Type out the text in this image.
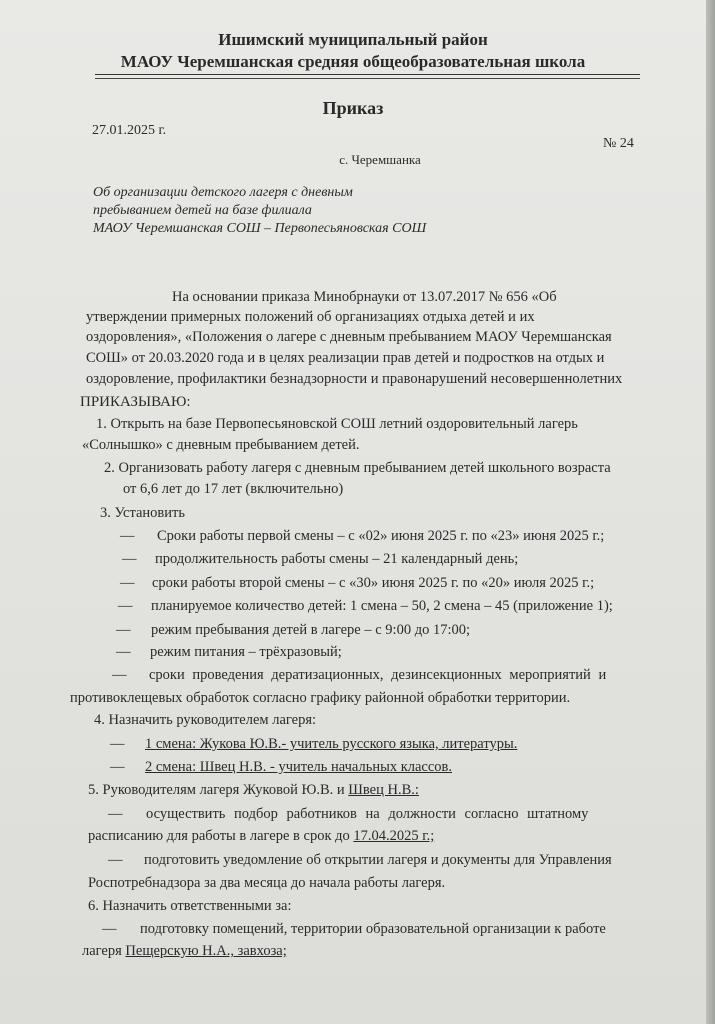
Ишимский муниципальный район
МАОУ Черемшанская средняя общеобразовательная школа
Приказ
27.01.2025 г.
№ 24
с. Черемшанка
Об организации детского лагеря с дневным
пребыванием детей на базе филиала
МАОУ Черемшанская СОШ – Первопесьяновская СОШ
На основании приказа Минобрнауки от 13.07.2017 № 656 «Об
утверждении примерных положений об организациях отдыха детей и их
оздоровления», «Положения о лагере с дневным пребыванием МАОУ Черемшанская
СОШ» от 20.03.2020 года и в целях реализации прав детей и подростков на отдых и
оздоровление, профилактики безнадзорности и правонарушений несовершеннолетних
ПРИКАЗЫВАЮ:
1. Открыть на базе Первопесьяновской СОШ летний оздоровительный лагерь
«Солнышко» с дневным пребыванием детей.
2. Организовать работу лагеря с дневным пребыванием детей школьного возраста
от 6,6 лет до 17 лет (включительно)
3. Установить
— Сроки работы первой смены – с «02» июня 2025 г. по «23» июня 2025 г.;
— продолжительность работы смены – 21 календарный день;
— сроки работы второй смены – с «30» июня 2025 г. по «20» июля 2025 г.;
— планируемое количество детей: 1 смена – 50, 2 смена – 45 (приложение 1);
— режим пребывания детей в лагере – с 9:00 до 17:00;
— режим питания – трёхразовый;
— сроки проведения дератизационных, дезинсекционных мероприятий и
противоклещевых обработок согласно графику районной обработки территории.
4. Назначить руководителем лагеря:
— 1 смена: Жукова Ю.В.- учитель русского языка, литературы.
— 2 смена: Швец Н.В. - учитель начальных классов.
5. Руководителям лагеря Жуковой Ю.В. и Швец Н.В.:
— осуществить подбор работников на должности согласно штатному
расписанию для работы в лагере в срок до 17.04.2025 г.;
— подготовить уведомление об открытии лагеря и документы для Управления
Роспотребнадзора за два месяца до начала работы лагеря.
6. Назначить ответственными за:
— подготовку помещений, территории образовательной организации к работе
лагеря Пещерскую Н.А., завхоза;
